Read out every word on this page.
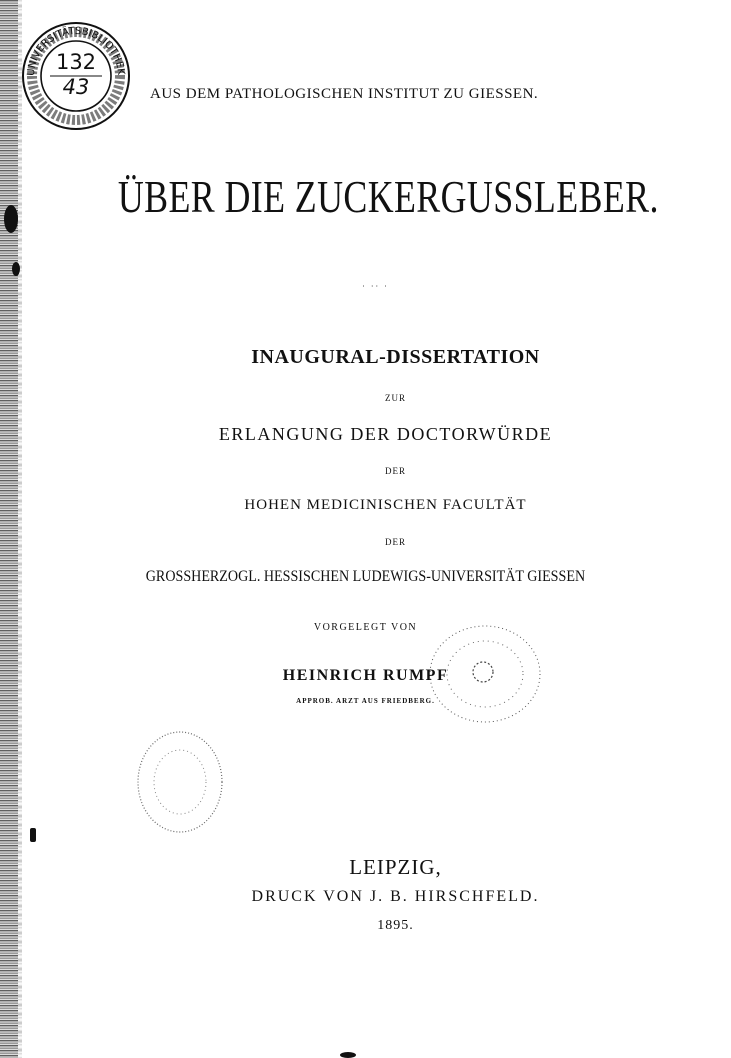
UNIVERSITÄTSBIBLIOTHEK
132
43	AUS DEM PATHOLOGISCHEN INSTITUT ZU GIESSEN.
ÜBER DIE ZUCKERGUSSLEBER.
· ·· ·
INAUGURAL-DISSERTATION
ZUR
ERLANGUNG DER DOCTORWÜRDE
DER
HOHEN MEDICINISCHEN FACULTÄT
DER
GROSSHERZOGL. HESSISCHEN LUDEWIGS-UNIVERSITÄT GIESSEN
VORGELEGT VON
HEINRICH RUMPF
APPROB. ARZT AUS FRIEDBERG.
LEIPZIG,
DRUCK VON J. B. HIRSCHFELD.
1895.
